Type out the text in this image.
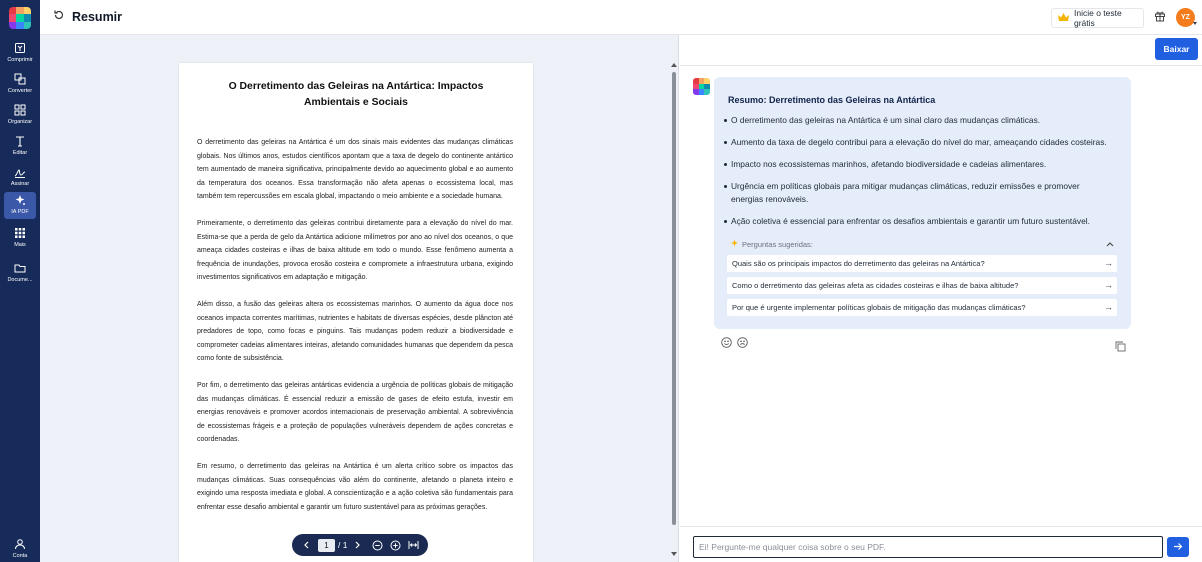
Comprimir
Converter
Organizar
Editar
Assinar
IA PDF
Mais
Docume...
Conta
Resumir	Inicie o teste grátis
YZ
O Derretimento das Geleiras na Antártica: Impactos Ambientais e Sociais

O derretimento das geleiras na Antártica é um dos sinais mais evidentes das mudanças climáticas globais. Nos últimos anos, estudos científicos apontam que a taxa de degelo do continente antártico tem aumentado de maneira significativa, principalmente devido ao aquecimento global e ao aumento da temperatura dos oceanos. Essa transformação não afeta apenas o ecossistema local, mas também tem repercussões em escala global, impactando o meio ambiente e a sociedade humana.

Primeiramente, o derretimento das geleiras contribui diretamente para a elevação do nível do mar. Estima-se que a perda de gelo da Antártica adicione milímetros por ano ao nível dos oceanos, o que ameaça cidades costeiras e ilhas de baixa altitude em todo o mundo. Esse fenômeno aumenta a frequência de inundações, provoca erosão costeira e compromete a infraestrutura urbana, exigindo investimentos significativos em adaptação e mitigação.

Além disso, a fusão das geleiras altera os ecossistemas marinhos. O aumento da água doce nos oceanos impacta correntes marítimas, nutrientes e habitats de diversas espécies, desde plâncton até predadores de topo, como focas e pinguins. Tais mudanças podem reduzir a biodiversidade e comprometer cadeias alimentares inteiras, afetando comunidades humanas que dependem da pesca como fonte de subsistência.

Por fim, o derretimento das geleiras antárticas evidencia a urgência de políticas globais de mitigação das mudanças climáticas. É essencial reduzir a emissão de gases de efeito estufa, investir em energias renováveis e promover acordos internacionais de preservação ambiental. A sobrevivência de ecossistemas frágeis e a proteção de populações vulneráveis dependem de ações concretas e coordenadas.

Em resumo, o derretimento das geleiras na Antártica é um alerta crítico sobre os impactos das mudanças climáticas. Suas consequências vão além do continente, afetando o planeta inteiro e exigindo uma resposta imediata e global. A conscientização e a ação coletiva são fundamentais para enfrentar esse desafio ambiental e garantir um futuro sustentável para as próximas gerações.

1	/ 1
Baixar
Resumo: Derretimento das Geleiras na Antártica
O derretimento das geleiras na Antártica é um sinal claro das mudanças climáticas.
Aumento da taxa de degelo contribui para a elevação do nível do mar, ameaçando cidades costeiras.
Impacto nos ecossistemas marinhos, afetando biodiversidade e cadeias alimentares.
Urgência em políticas globais para mitigar mudanças climáticas, reduzir emissões e promover energias renováveis.
Ação coletiva é essencial para enfrentar os desafios ambientais e garantir um futuro sustentável.
Perguntas sugeridas:
Quais são os principais impactos do derretimento das geleiras na Antártica?	→
Como o derretimento das geleiras afeta as cidades costeiras e ilhas de baixa altitude?	→
Por que é urgente implementar políticas globais de mitigação das mudanças climáticas?	→
Ei! Pergunte-me qualquer coisa sobre o seu PDF.
